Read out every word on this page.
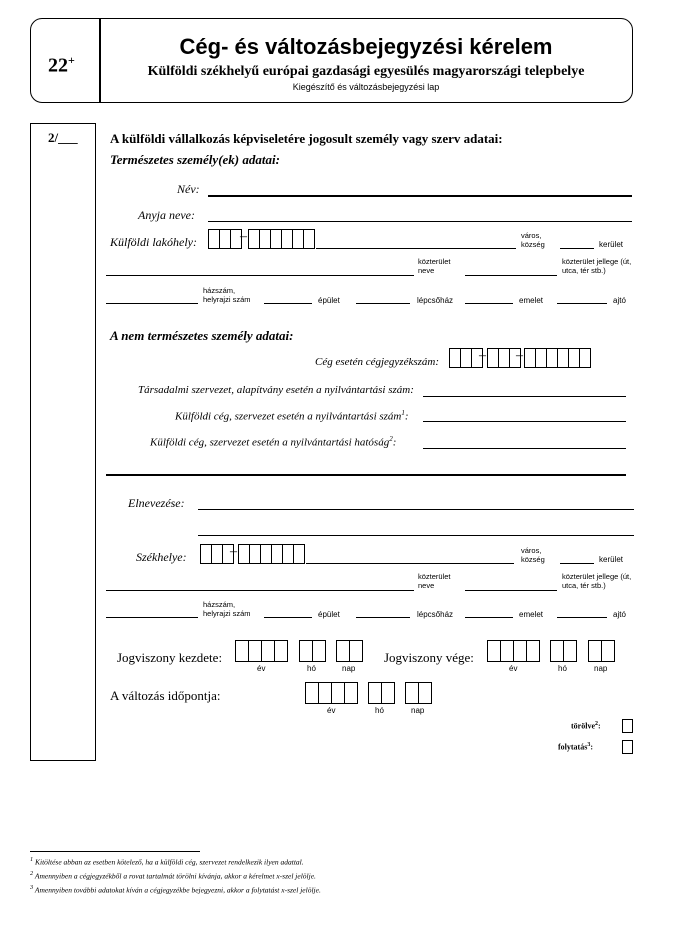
22+
Cég- és változásbejegyzési kérelem
Külföldi székhelyű európai gazdasági egyesülés magyarországi telepbelye
Kiegészítő és változásbejegyzési lap
2/___ A külföldi vállalkozás képviseletére jogosult személy vagy szerv adatai:
Természetes személy(ek) adatai:
Név:
Anyja neve:
Külföldi lakóhely:	–	város, község	kerület
közterület neve
közterület jellege (út, utca, tér stb.)
házszám, helyrajzi szám	épület	lépcsőház	emelet	ajtó
A nem természetes személy adatai:
Cég esetén cégjegyzékszám:	– –
Társadalmi szervezet, alapítvány esetén a nyilvántartási szám:
Külföldi cég, szervezet esetén a nyilvántartási szám$^1$:
Külföldi cég, szervezet esetén a nyilvántartási hatóság$^2$:
Elnevezése:
Székhelye:	–	város, község	kerület
közterület neve
közterület jellege (út, utca, tér stb.)
házszám, helyrajzi szám	épület	lépcsőház	emelet	ajtó
Jogviszony kezdete:
év	hó	nap
Jogviszony vége:
év	hó	nap
A változás időpontja:
év	hó	nap
törölve$^2$:
folytatás$^3$:
$^1$ Kitöltése abban az esetben kötelező, ha a külföldi cég, szervezet rendelkezik ilyen adattal.
$^2$ Amennyiben a cégjegyzékből a rovat tartalmát törölni kívánja, akkor a kérelmet x-szel jelölje.
$^3$ Amennyiben további adatokat kíván a cégjegyzékbe bejegyezni, akkor a folytatást x-szel jelölje.
